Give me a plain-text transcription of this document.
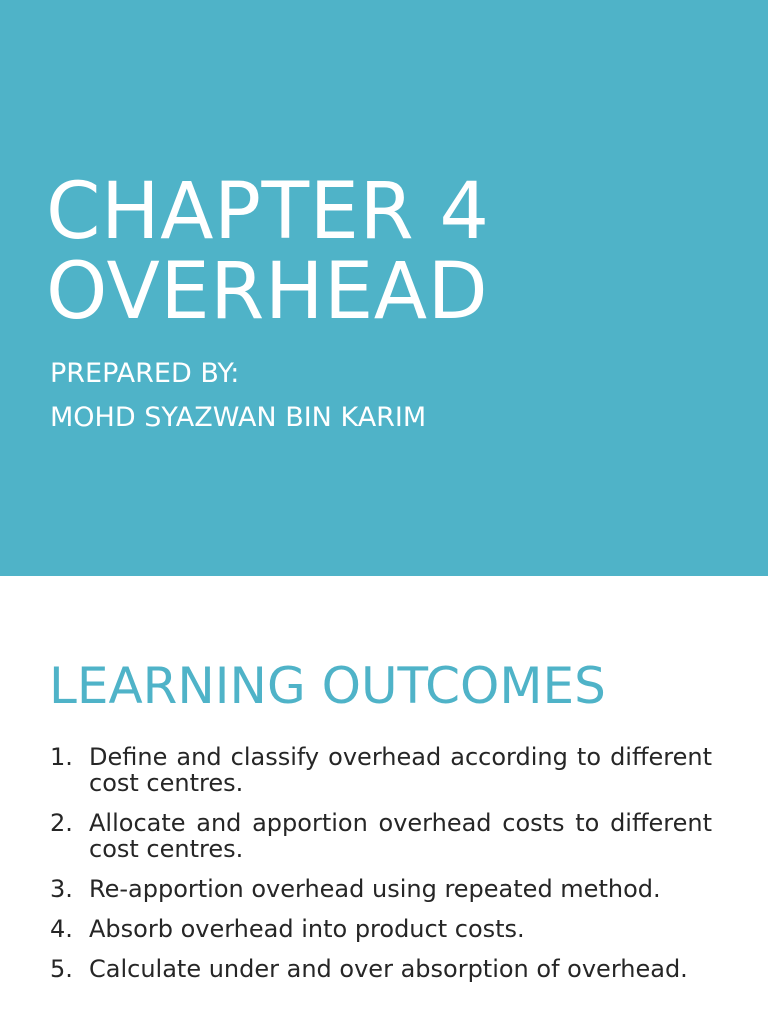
CHAPTER 4
OVERHEAD
PREPARED BY:
MOHD SYAZWAN BIN KARIM
LEARNING OUTCOMES
1. Define and classify overhead according to different cost centres.
2. Allocate and apportion overhead costs to different cost centres.
3. Re-apportion overhead using repeated method.
4. Absorb overhead into product costs.
5. Calculate under and over absorption of overhead.
